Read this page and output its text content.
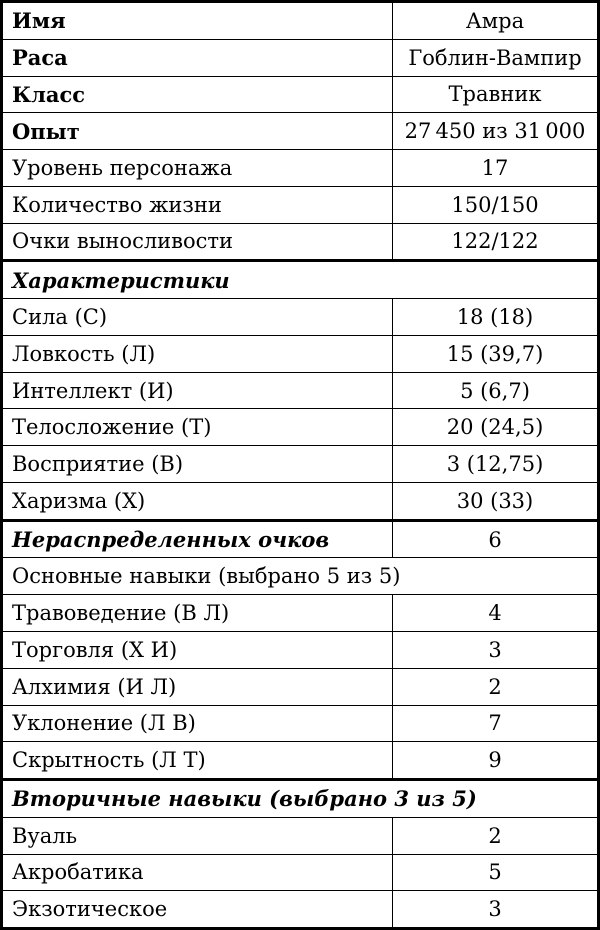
Имя	Амра
Раса	Гоблин-Вампир
Класс	Травник
Опыт	27 450 из 31 000
Уровень персонажа	17
Количество жизни	150/150
Очки выносливости	122/122
Характеристики
Сила (С)	18 (18)
Ловкость (Л)	15 (39,7)
Интеллект (И)	5 (6,7)
Телосложение (Т)	20 (24,5)
Восприятие (В)	3 (12,75)
Харизма (Х)	30 (33)
Нераспределенных очков	6
Основные навыки (выбрано 5 из 5)
Травоведение (В Л)	4
Торговля (Х И)	3
Алхимия (И Л)	2
Уклонение (Л В)	7
Скрытность (Л Т)	9
Вторичные навыки (выбрано 3 из 5)
Вуаль	2
Акробатика	5
Экзотическое	3
